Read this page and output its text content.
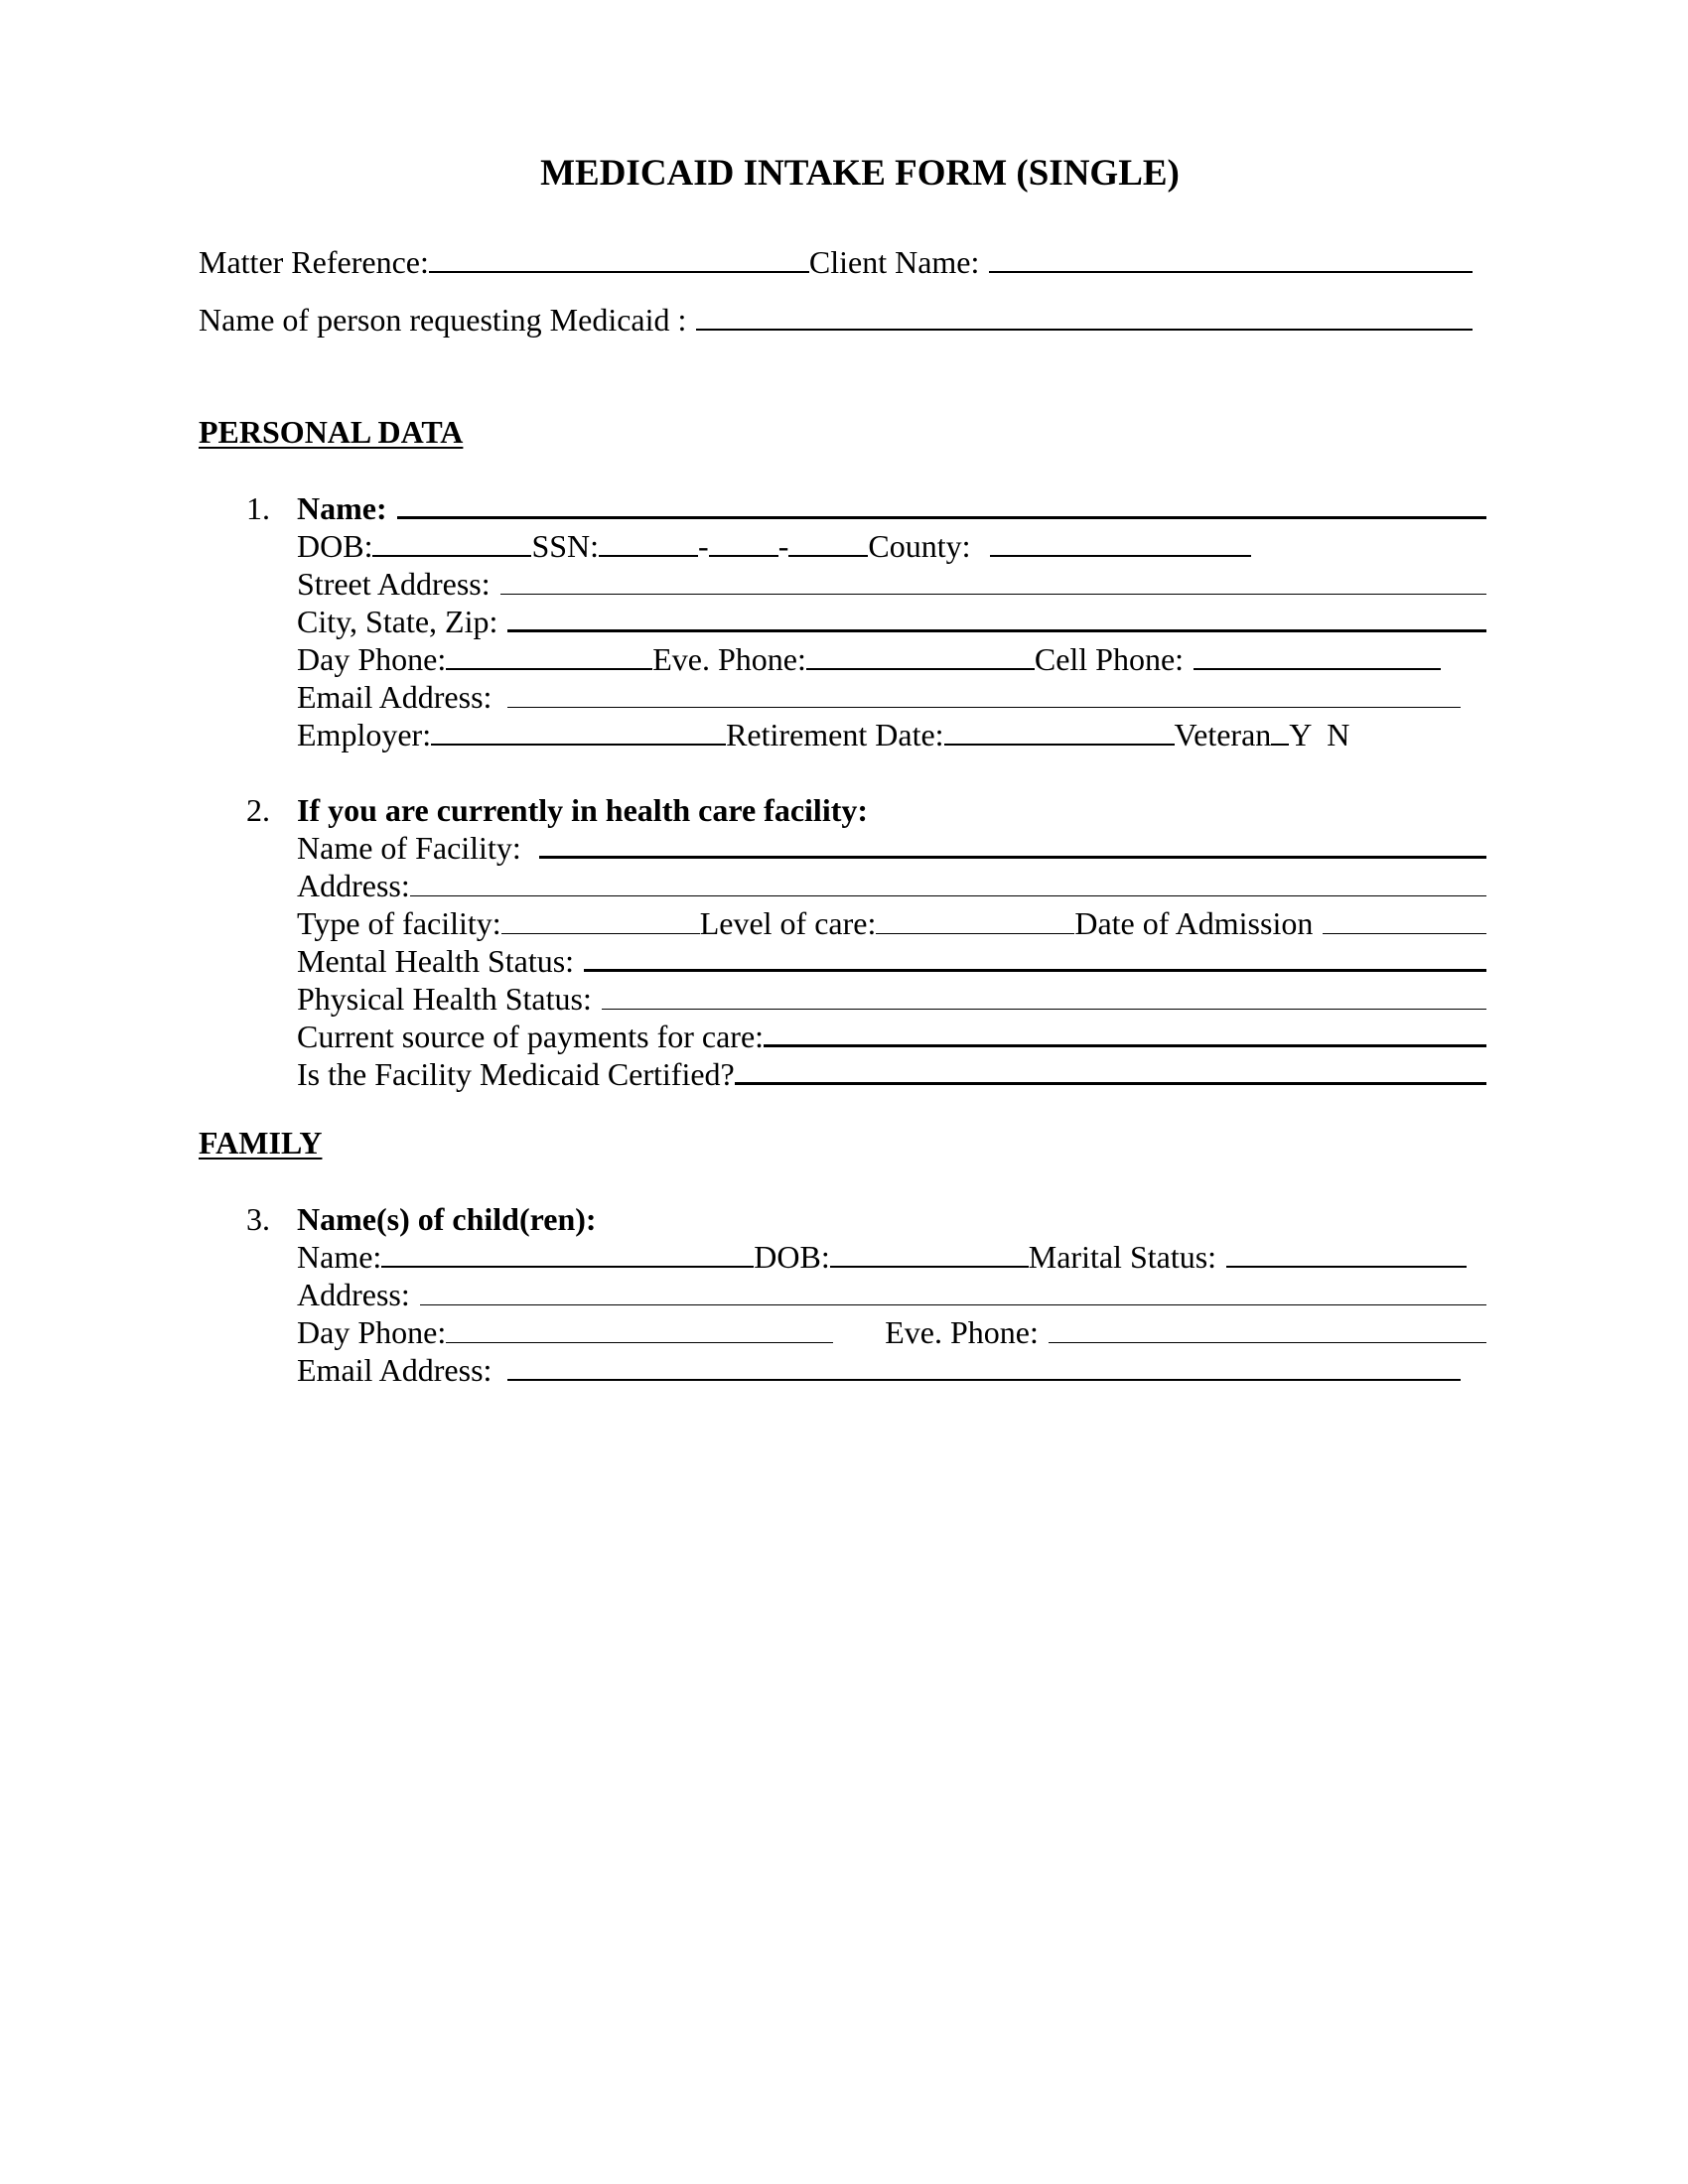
MEDICAID INTAKE FORM (SINGLE)
Matter Reference:	Client Name:
Name of person requesting Medicaid :
PERSONAL DATA
1. Name:
DOB:	SSN:	- -	County:
Street Address:
City, State, Zip:
Day Phone:	Eve. Phone:	Cell Phone:
Email Address:
Employer:	Retirement Date:	Veteran Y  N
2. If you are currently in health care facility:
Name of Facility:
Address:
Type of facility:	Level of care:	Date of Admission
Mental Health Status:
Physical Health Status:
Current source of payments for care:
Is the Facility Medicaid Certified?
FAMILY
3. Name(s) of child(ren):
Name:	DOB:	Marital Status:
Address:
Day Phone:	Eve. Phone:
Email Address:
